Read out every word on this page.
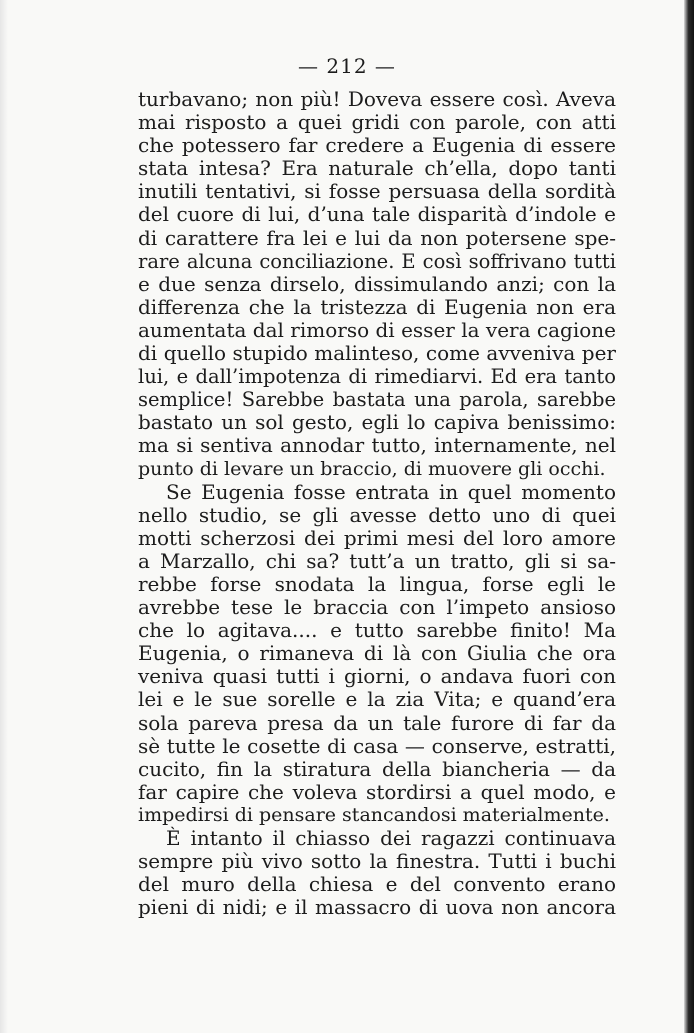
— 212 —
turbavano; non più! Doveva essere così. Aveva
mai risposto a quei gridi con parole, con atti
che potessero far credere a Eugenia di essere
stata intesa? Era naturale ch’ella, dopo tanti
inutili tentativi, si fosse persuasa della sordità
del cuore di lui, d’una tale disparità d’indole e
di carattere fra lei e lui da non potersene spe-
rare alcuna conciliazione. E così soffrivano tutti
e due senza dirselo, dissimulando anzi; con la
differenza che la tristezza di Eugenia non era
aumentata dal rimorso di esser la vera cagione
di quello stupido malinteso, come avveniva per
lui, e dall’impotenza di rimediarvi. Ed era tanto
semplice! Sarebbe bastata una parola, sarebbe
bastato un sol gesto, egli lo capiva benissimo:
ma si sentiva annodar tutto, internamente, nel
punto di levare un braccio, di muovere gli occhi.
Se Eugenia fosse entrata in quel momento
nello studio, se gli avesse detto uno di quei
motti scherzosi dei primi mesi del loro amore
a Marzallo, chi sa? tutt’a un tratto, gli si sa-
rebbe forse snodata la lingua, forse egli le
avrebbe tese le braccia con l’impeto ansioso
che lo agitava.... e tutto sarebbe finito! Ma
Eugenia, o rimaneva di là con Giulia che ora
veniva quasi tutti i giorni, o andava fuori con
lei e le sue sorelle e la zia Vita; e quand’era
sola pareva presa da un tale furore di far da
sè tutte le cosette di casa — conserve, estratti,
cucito, fin la stiratura della biancheria — da
far capire che voleva stordirsi a quel modo, e
impedirsi di pensare stancandosi materialmente.
È intanto il chiasso dei ragazzi continuava
sempre più vivo sotto la finestra. Tutti i buchi
del muro della chiesa e del convento erano
pieni di nidi; e il massacro di uova non ancora
